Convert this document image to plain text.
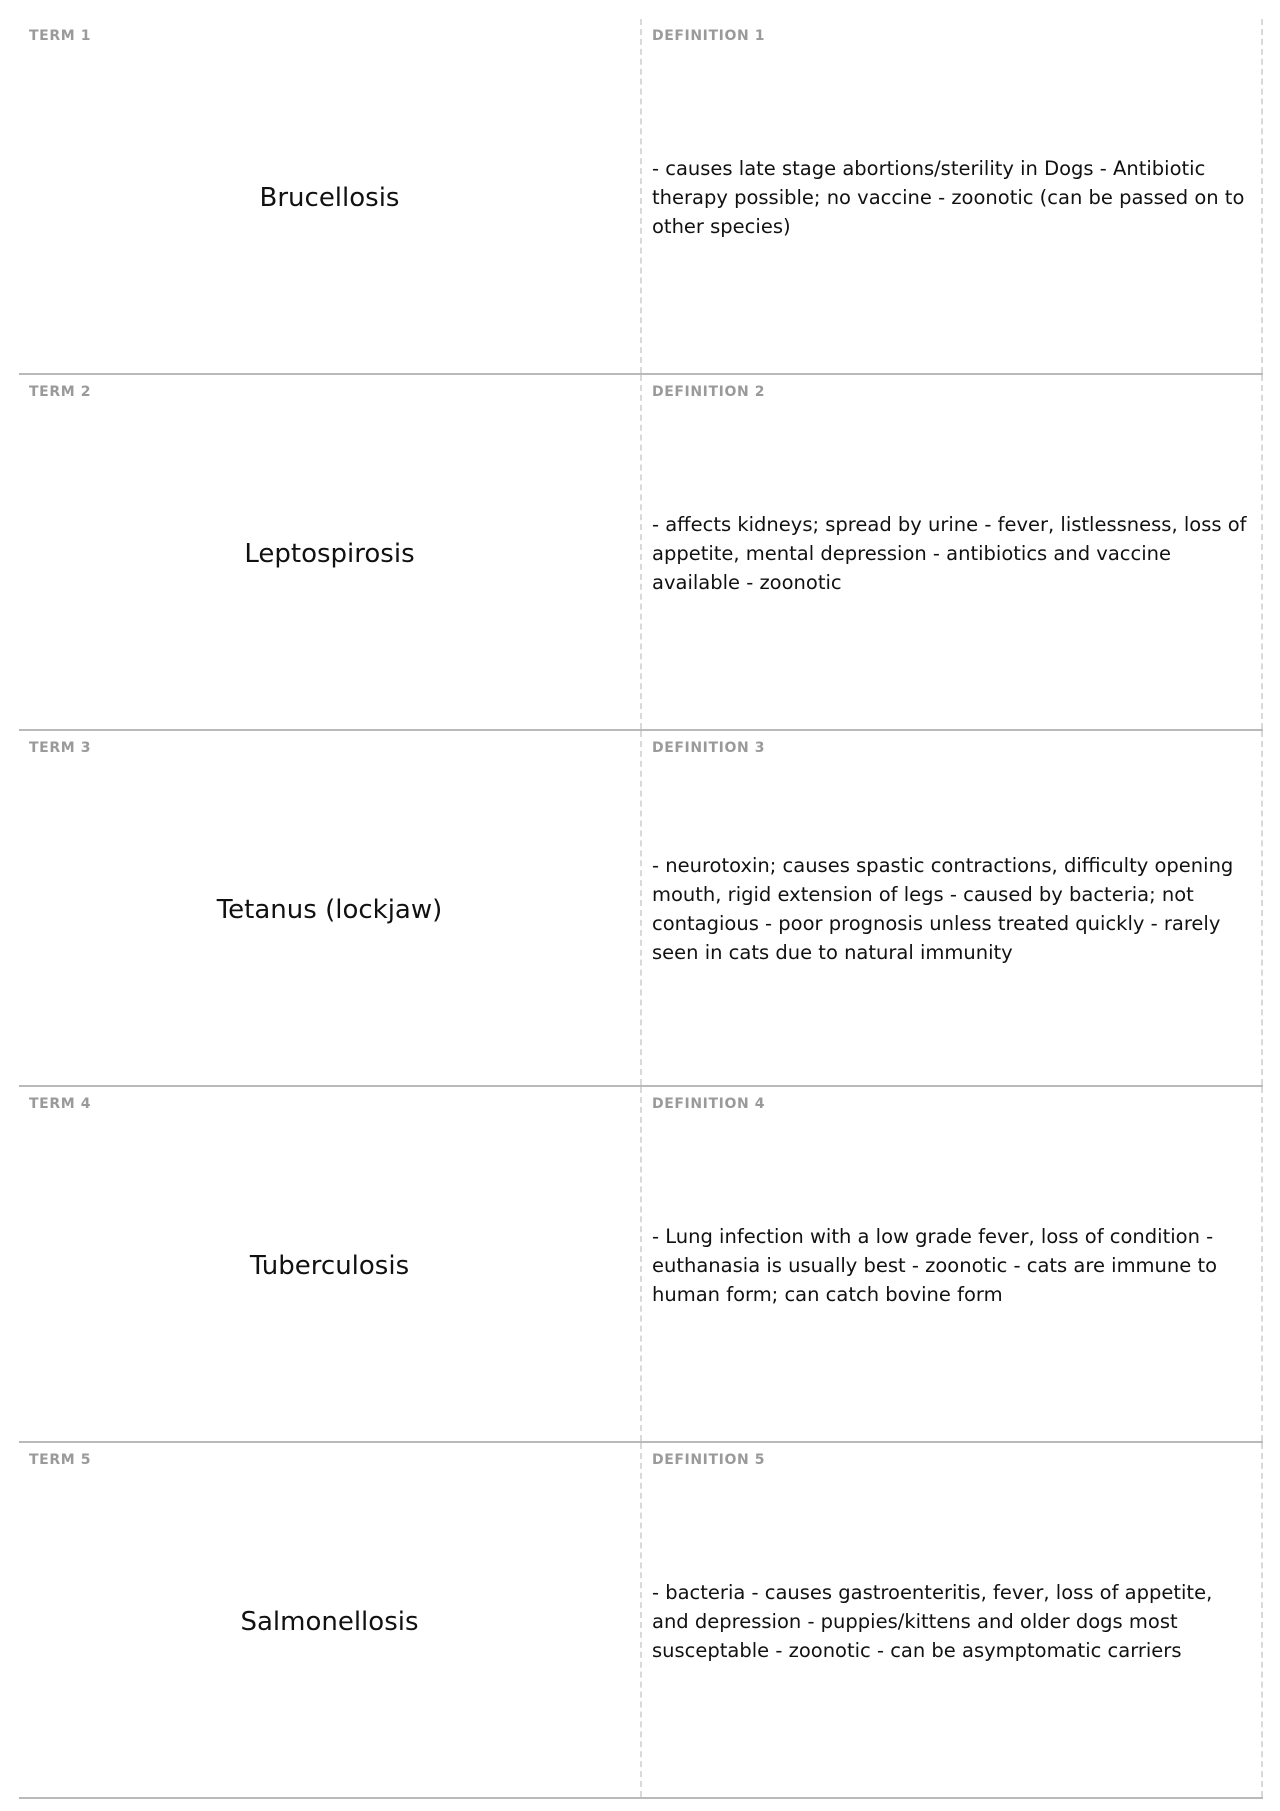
TERM 1
Brucellosis
DEFINITION 1
- causes late stage abortions/sterility in Dogs - Antibiotic therapy possible; no vaccine - zoonotic (can be passed on to other species)
TERM 2
Leptospirosis
DEFINITION 2
- affects kidneys; spread by urine - fever, listlessness, loss of appetite, mental depression - antibiotics and vaccine available - zoonotic
TERM 3
Tetanus (lockjaw)
DEFINITION 3
- neurotoxin; causes spastic contractions, difficulty opening mouth, rigid extension of legs - caused by bacteria; not contagious - poor prognosis unless treated quickly - rarely seen in cats due to natural immunity
TERM 4
Tuberculosis
DEFINITION 4
- Lung infection with a low grade fever, loss of condition - euthanasia is usually best - zoonotic - cats are immune to human form; can catch bovine form
TERM 5
Salmonellosis
DEFINITION 5
- bacteria - causes gastroenteritis, fever, loss of appetite, and depression - puppies/kittens and older dogs most susceptable - zoonotic - can be asymptomatic carriers
